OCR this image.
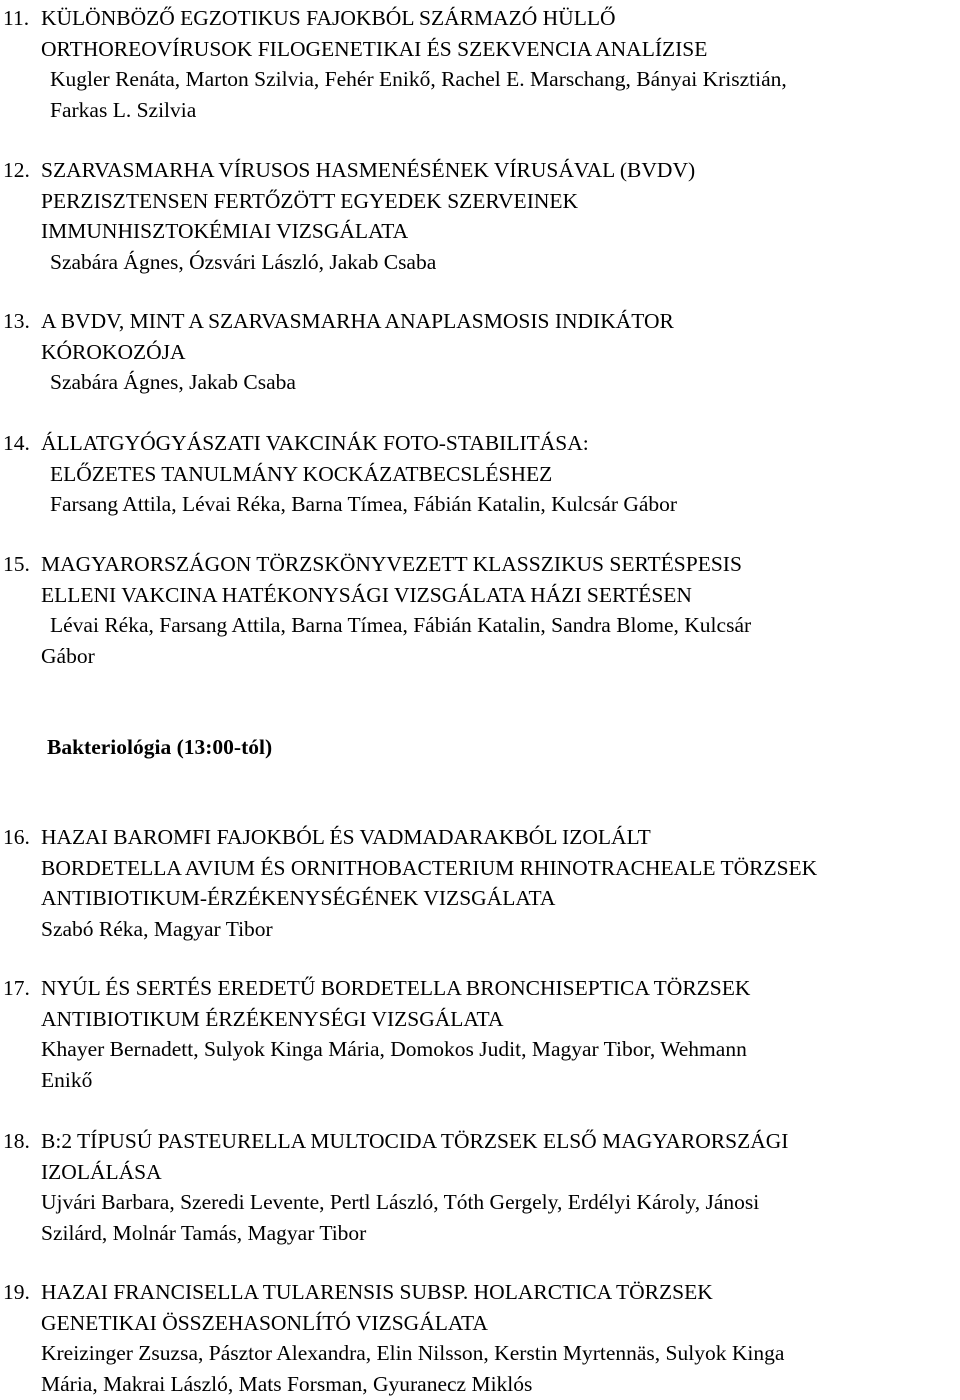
11. KÜLÖNBÖZŐ EGZOTIKUS FAJOKBÓL SZÁRMAZÓ HÜLLŐ
ORTHOREOVÍRUSOK FILOGENETIKAI ÉS SZEKVENCIA ANALÍZISE
Kugler Renáta, Marton Szilvia, Fehér Enikő, Rachel E. Marschang, Bányai Krisztián,
Farkas L. Szilvia
12. SZARVASMARHA VÍRUSOS HASMENÉSÉNEK VÍRUSÁVAL (BVDV)
PERZISZTENSEN FERTŐZÖTT EGYEDEK SZERVEINEK
IMMUNHISZTOKÉMIAI VIZSGÁLATA
Szabára Ágnes, Ózsvári László, Jakab Csaba
13. A BVDV, MINT A SZARVASMARHA ANAPLASMOSIS INDIKÁTOR
KÓROKOZÓJA
Szabára Ágnes, Jakab Csaba
14. ÁLLATGYÓGYÁSZATI VAKCINÁK FOTO-STABILITÁSA:
ELŐZETES TANULMÁNY KOCKÁZATBECSLÉSHEZ
Farsang Attila, Lévai Réka, Barna Tímea, Fábián Katalin, Kulcsár Gábor
15. MAGYARORSZÁGON TÖRZSKÖNYVEZETT KLASSZIKUS SERTÉSPESIS
ELLENI VAKCINA HATÉKONYSÁGI VIZSGÁLATA HÁZI SERTÉSEN
Lévai Réka, Farsang Attila, Barna Tímea, Fábián Katalin, Sandra Blome, Kulcsár
Gábor
Bakteriológia (13:00-tól)
16. HAZAI BAROMFI FAJOKBÓL ÉS VADMADARAKBÓL IZOLÁLT
BORDETELLA AVIUM ÉS ORNITHOBACTERIUM RHINOTRACHEALE TÖRZSEK
ANTIBIOTIKUM-ÉRZÉKENYSÉGÉNEK VIZSGÁLATA
Szabó Réka, Magyar Tibor
17. NYÚL ÉS SERTÉS EREDETŰ BORDETELLA BRONCHISEPTICA TÖRZSEK
ANTIBIOTIKUM ÉRZÉKENYSÉGI VIZSGÁLATA
Khayer Bernadett, Sulyok Kinga Mária, Domokos Judit, Magyar Tibor, Wehmann
Enikő
18. B:2 TÍPUSÚ PASTEURELLA MULTOCIDA TÖRZSEK ELSŐ MAGYARORSZÁGI
IZOLÁLÁSA
Ujvári Barbara, Szeredi Levente, Pertl László, Tóth Gergely, Erdélyi Károly, Jánosi
Szilárd, Molnár Tamás, Magyar Tibor
19. HAZAI FRANCISELLA TULARENSIS SUBSP. HOLARCTICA TÖRZSEK
GENETIKAI ÖSSZEHASONLÍTÓ VIZSGÁLATA
Kreizinger Zsuzsa, Pásztor Alexandra, Elin Nilsson, Kerstin Myrtennäs, Sulyok Kinga
Mária, Makrai László, Mats Forsman, Gyuranecz Miklós
